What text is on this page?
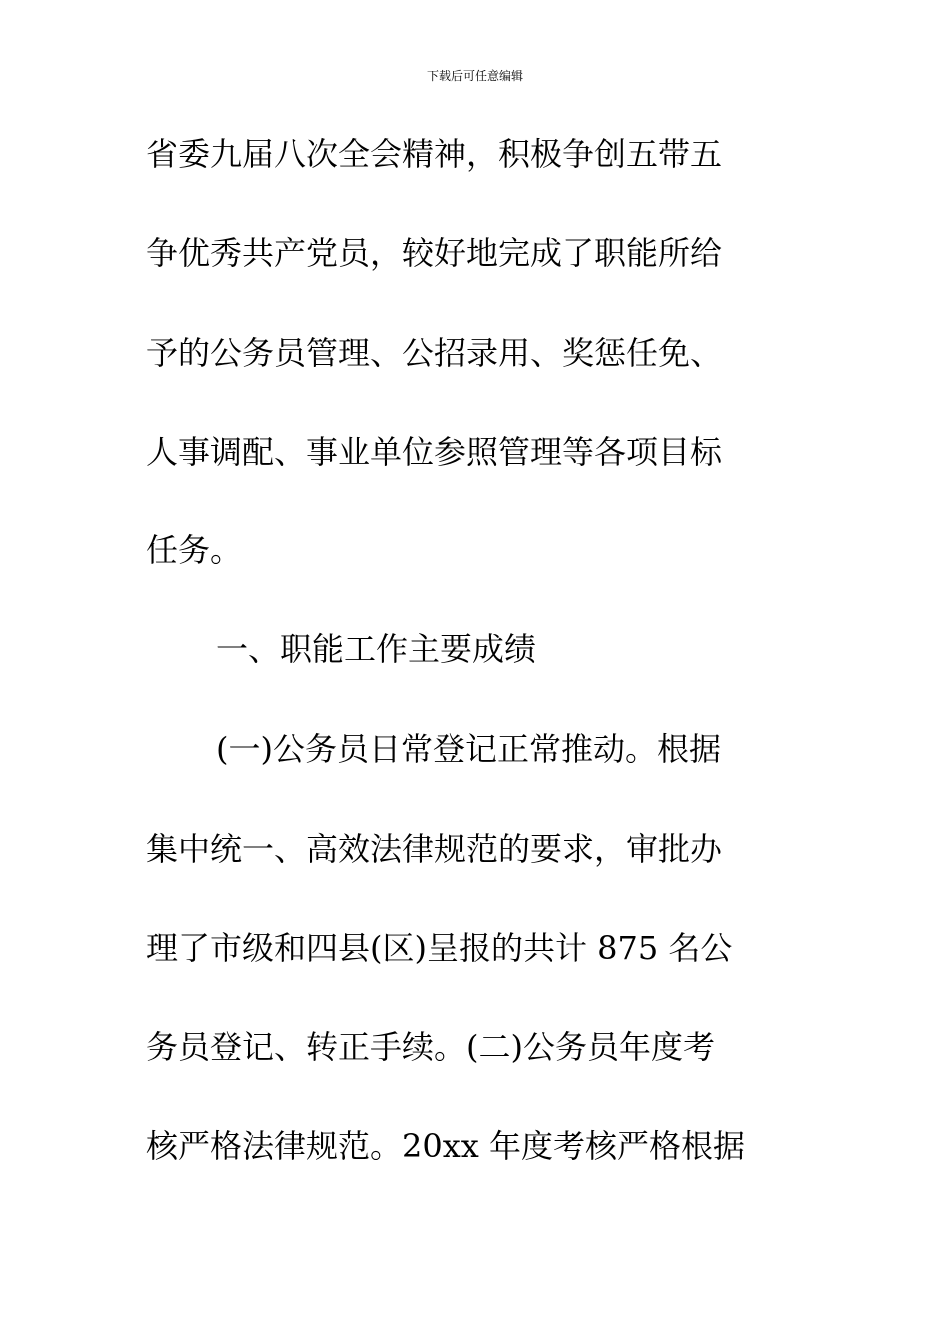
下载后可任意编辑
省委九届八次全会精神，积极争创五带五
争优秀共产党员，较好地完成了职能所给
予的公务员管理、公招录用、奖惩任免、
人事调配、事业单位参照管理等各项目标
任务。
一、职能工作主要成绩
(一)公务员日常登记正常推动。根据
集中统一、高效法律规范的要求，审批办
理了市级和四县(区)呈报的共计 875 名公
务员登记、转正手续。(二)公务员年度考
核严格法律规范。20xx 年度考核严格根据
